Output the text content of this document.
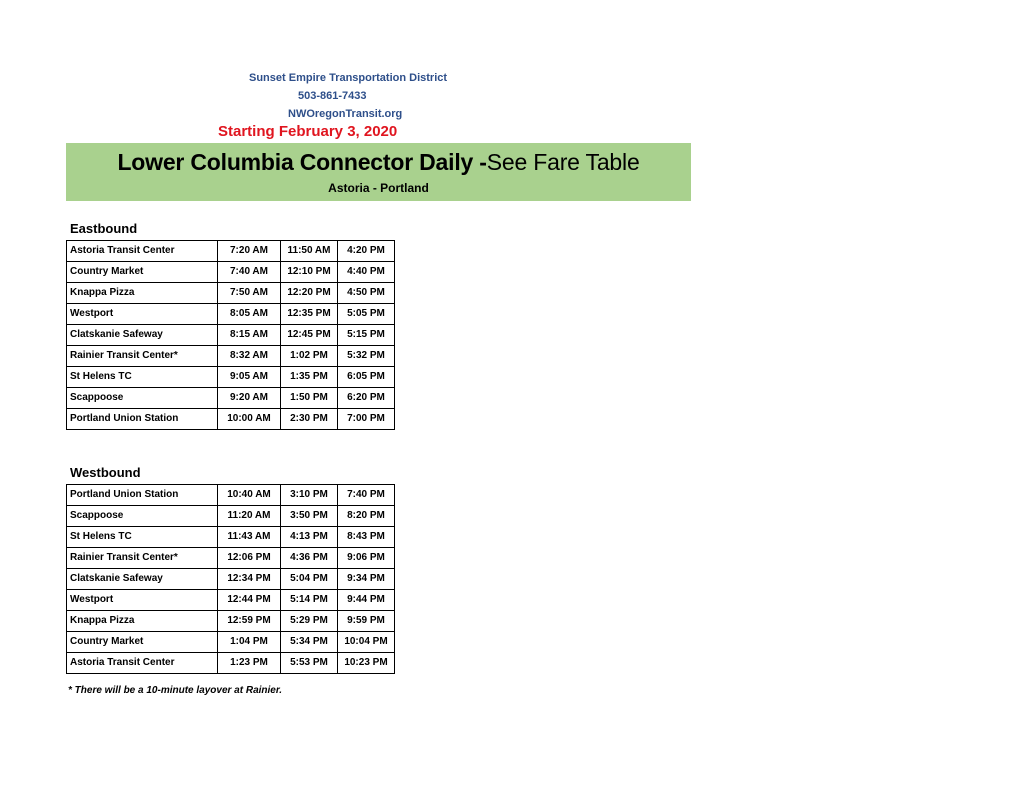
Sunset Empire Transportation District
503-861-7433
NWOregonTransit.org
Starting February 3, 2020
Lower Columbia Connector Daily -See Fare Table
Astoria - Portland
Eastbound
Astoria Transit Center	7:20 AM	11:50 AM	4:20 PM
Country Market	7:40 AM	12:10 PM	4:40 PM
Knappa Pizza	7:50 AM	12:20 PM	4:50 PM
Westport	8:05 AM	12:35 PM	5:05 PM
Clatskanie Safeway	8:15 AM	12:45 PM	5:15 PM
Rainier Transit Center*	8:32 AM	1:02 PM	5:32 PM
St Helens TC	9:05 AM	1:35 PM	6:05 PM
Scappoose	9:20 AM	1:50 PM	6:20 PM
Portland Union Station	10:00 AM	2:30 PM	7:00 PM
Westbound
Portland Union Station	10:40 AM	3:10 PM	7:40 PM
Scappoose	11:20 AM	3:50 PM	8:20 PM
St Helens TC	11:43 AM	4:13 PM	8:43 PM
Rainier Transit Center*	12:06 PM	4:36 PM	9:06 PM
Clatskanie Safeway	12:34 PM	5:04 PM	9:34 PM
Westport	12:44 PM	5:14 PM	9:44 PM
Knappa Pizza	12:59 PM	5:29 PM	9:59 PM
Country Market	1:04 PM	5:34 PM	10:04 PM
Astoria Transit Center	1:23 PM	5:53 PM	10:23 PM
* There will be a 10-minute layover at Rainier.
